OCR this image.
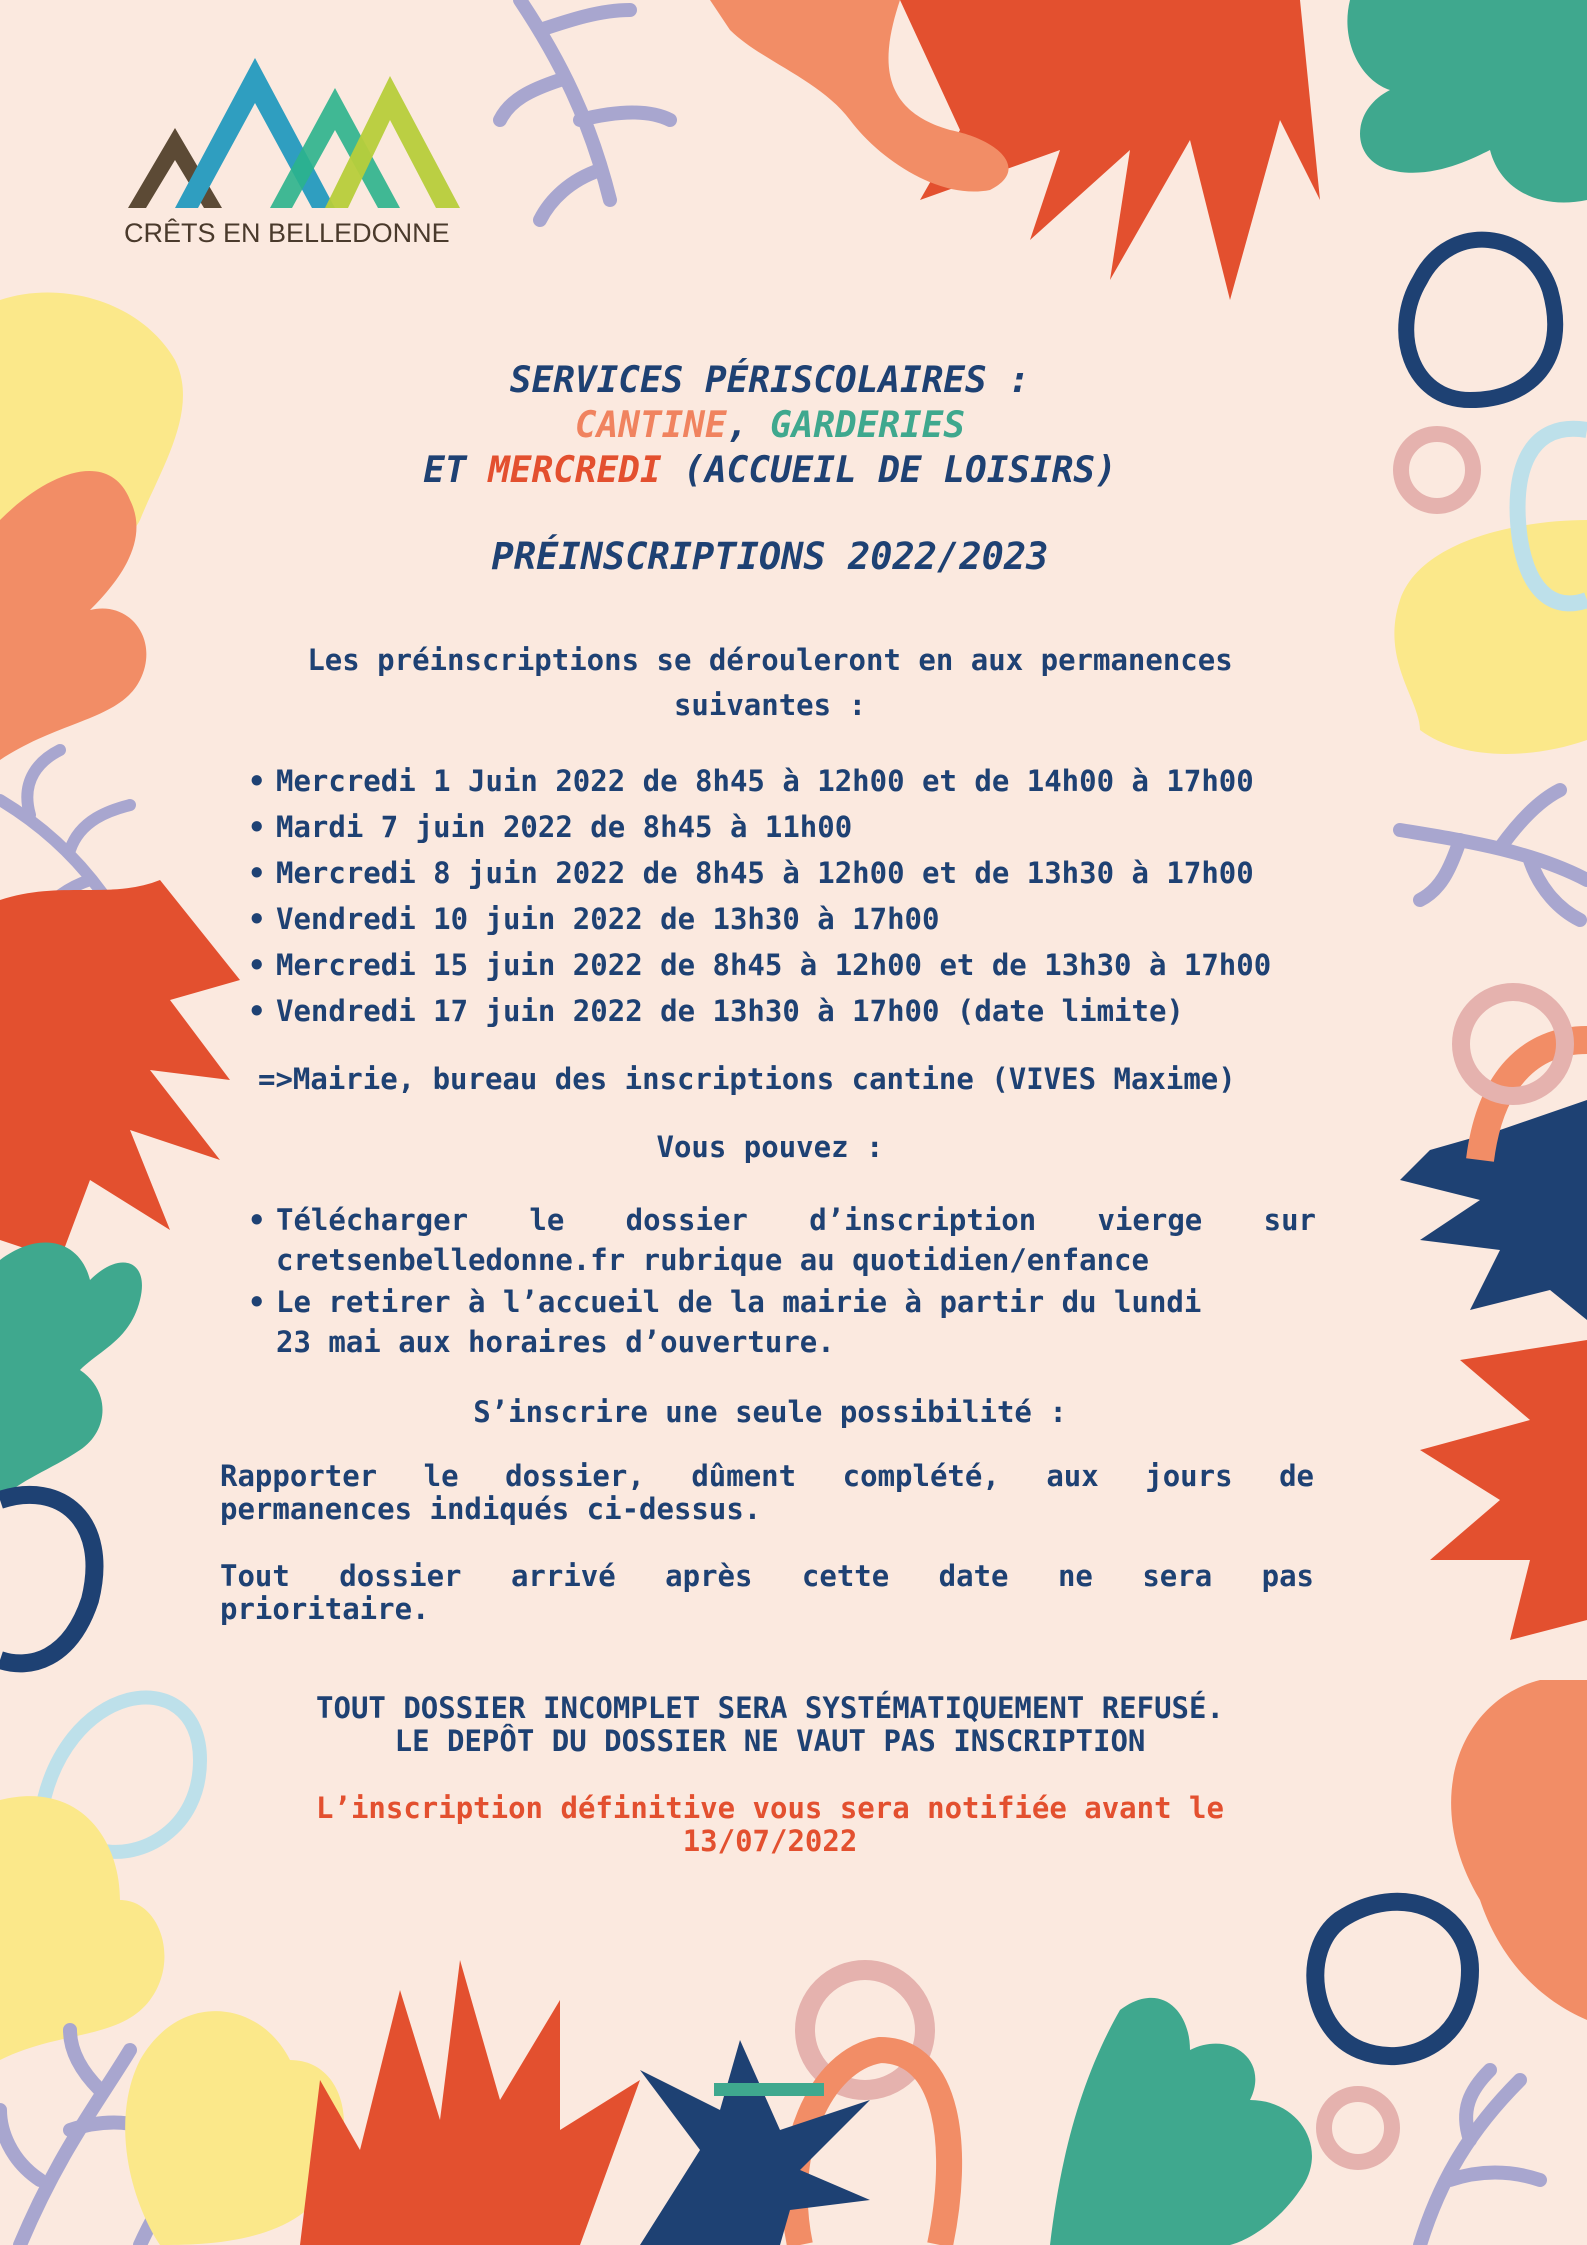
CRÊTS EN BELLEDONNE
SERVICES PÉRISCOLAIRES :
CANTINE, GARDERIES
ET MERCREDI (ACCUEIL DE LOISIRS)
PRÉINSCRIPTIONS 2022/2023
Les préinscriptions se dérouleront en aux permanences
suivantes :
• Mercredi 1 Juin 2022 de 8h45 à 12h00 et de 14h00 à 17h00
• Mardi 7 juin 2022 de 8h45 à 11h00
• Mercredi 8 juin 2022 de 8h45 à 12h00 et de 13h30 à 17h00
• Vendredi 10 juin 2022 de 13h30 à 17h00
• Mercredi 15 juin 2022 de 8h45 à 12h00 et de 13h30 à 17h00
• Vendredi 17 juin 2022 de 13h30 à 17h00 (date limite)
=>Mairie, bureau des inscriptions cantine (VIVES Maxime)
Vous pouvez :
• Télécharger le dossier d’inscription vierge sur
cretsenbelledonne.fr rubrique au quotidien/enfance
• Le retirer à l’accueil de la mairie à partir du lundi
23 mai aux horaires d’ouverture.
S’inscrire une seule possibilité :
Rapporter le dossier, dûment complété, aux jours de
permanences indiqués ci-dessus.
Tout dossier arrivé après cette date ne sera pas
prioritaire.
TOUT DOSSIER INCOMPLET SERA SYSTÉMATIQUEMENT REFUSÉ.
LE DEPÔT DU DOSSIER NE VAUT PAS INSCRIPTION
L’inscription définitive vous sera notifiée avant le
13/07/2022
